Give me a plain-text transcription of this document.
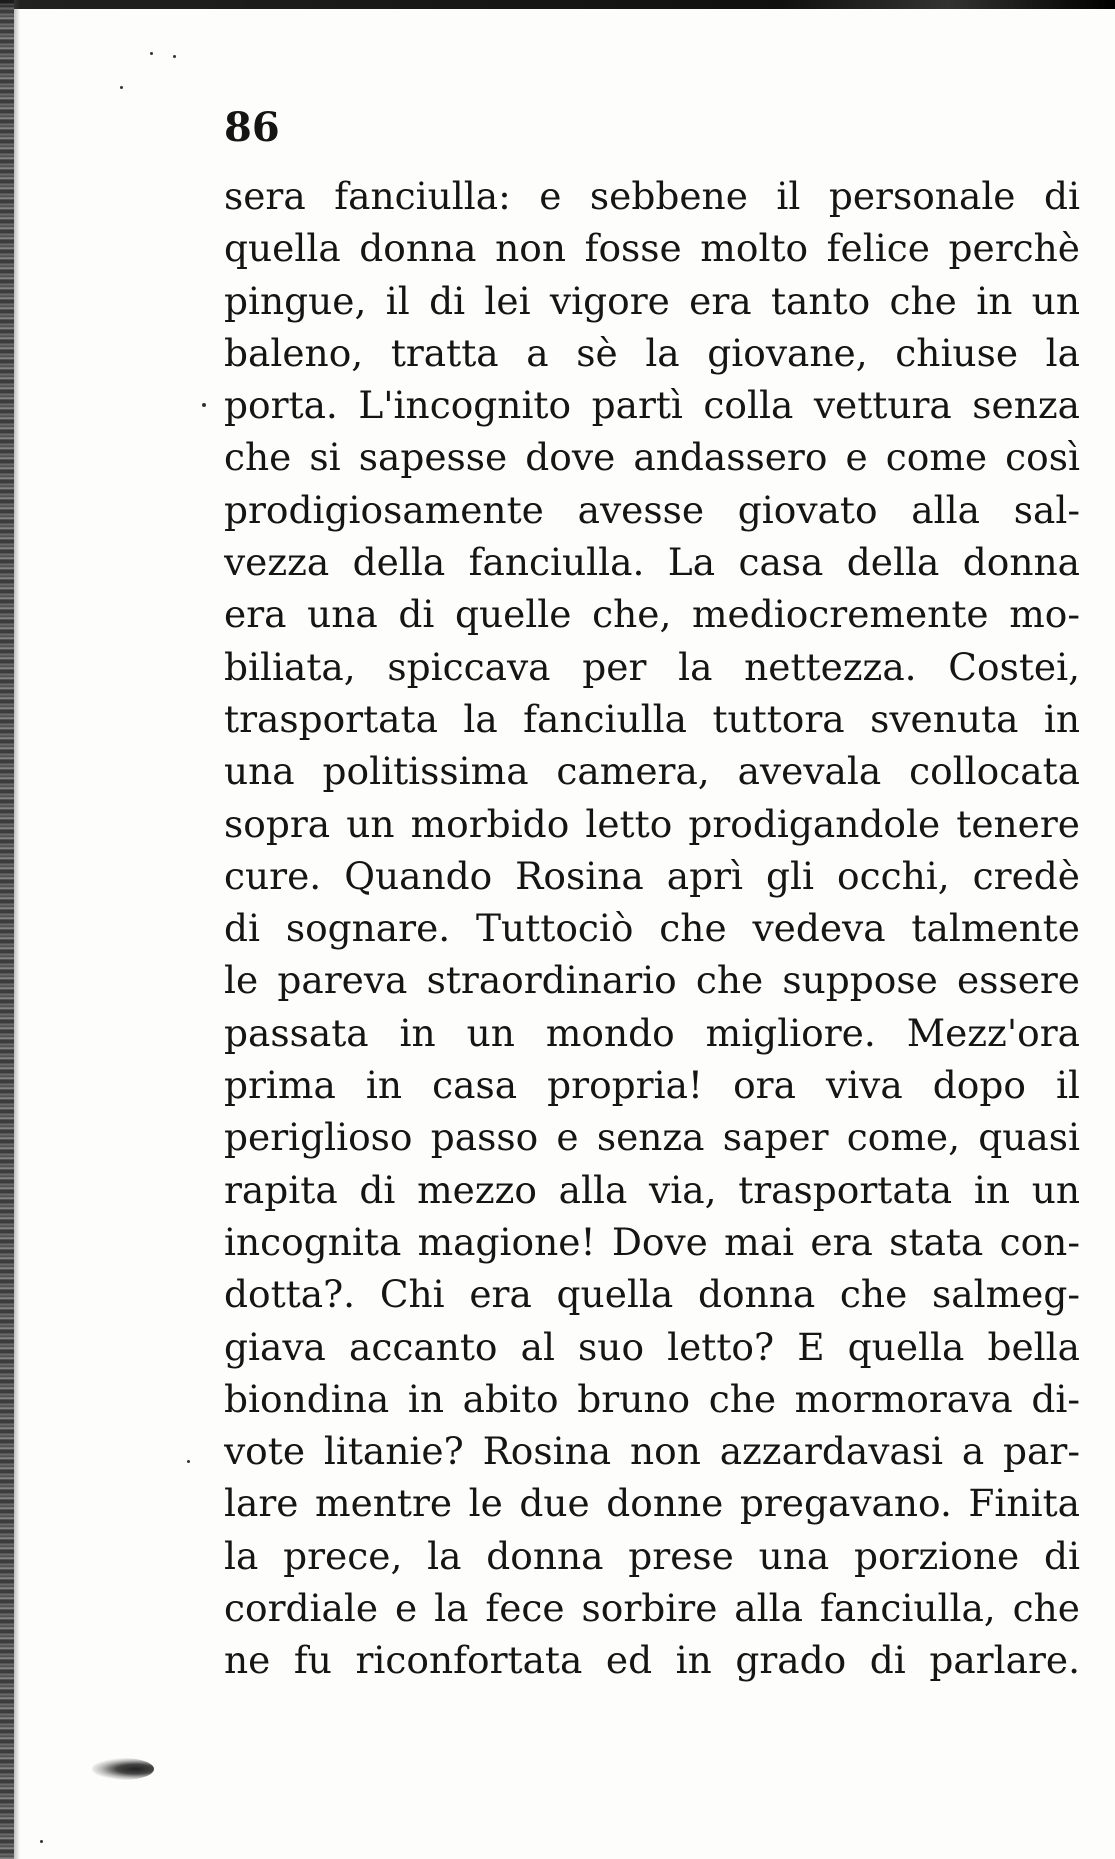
86
sera fanciulla: e sebbene il personale di
quella donna non fosse molto felice perchè
pingue, il di lei vigore era tanto che in un
baleno, tratta a sè la giovane, chiuse la
porta. L'incognito partì colla vettura senza
che si sapesse dove andassero e come così
prodigiosamente avesse giovato alla sal-
vezza della fanciulla. La casa della donna
era una di quelle che, mediocremente mo-
biliata, spiccava per la nettezza. Costei,
trasportata la fanciulla tuttora svenuta in
una politissima camera, avevala collocata
sopra un morbido letto prodigandole tenere
cure. Quando Rosina aprì gli occhi, credè
di sognare. Tuttociò che vedeva talmente
le pareva straordinario che suppose essere
passata in un mondo migliore. Mezz'ora
prima in casa propria! ora viva dopo il
periglioso passo e senza saper come, quasi
rapita di mezzo alla via, trasportata in un
incognita magione! Dove mai era stata con-
dotta?. Chi era quella donna che salmeg-
giava accanto al suo letto? E quella bella
biondina in abito bruno che mormorava di-
vote litanie? Rosina non azzardavasi a par-
lare mentre le due donne pregavano. Finita
la prece, la donna prese una porzione di
cordiale e la fece sorbire alla fanciulla, che
ne fu riconfortata ed in grado di parlare.
